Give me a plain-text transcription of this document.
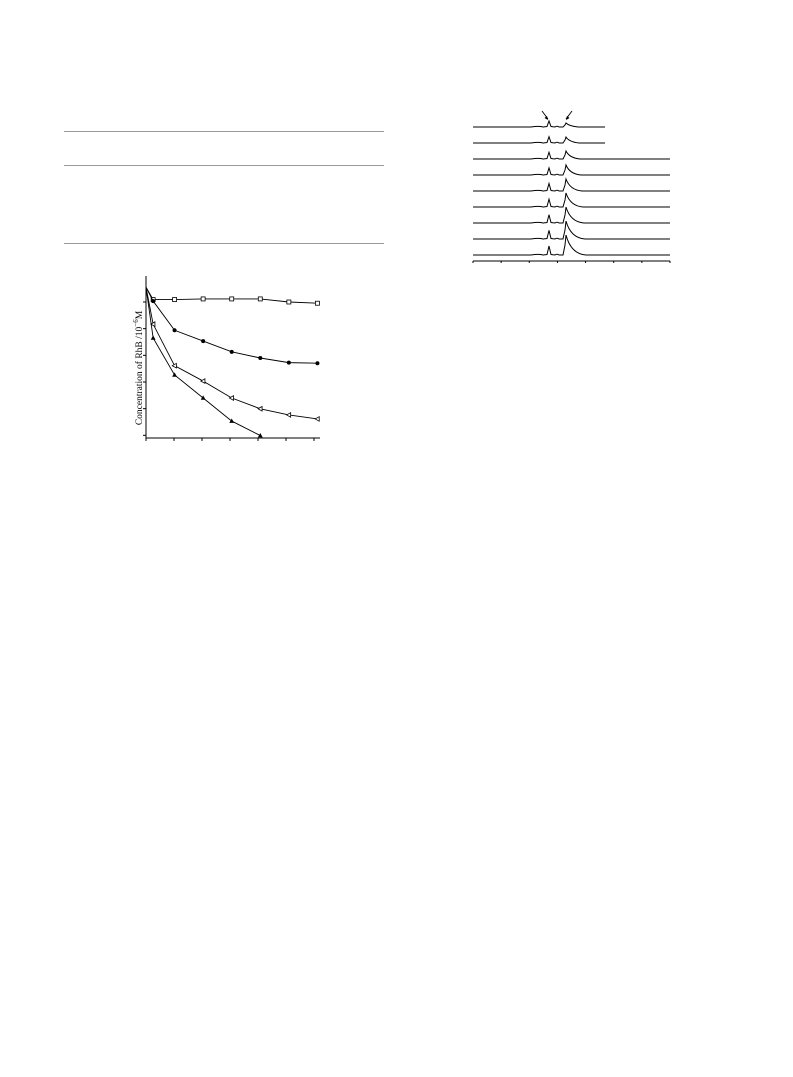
Concentration of RhB $/10^{-6}M$
